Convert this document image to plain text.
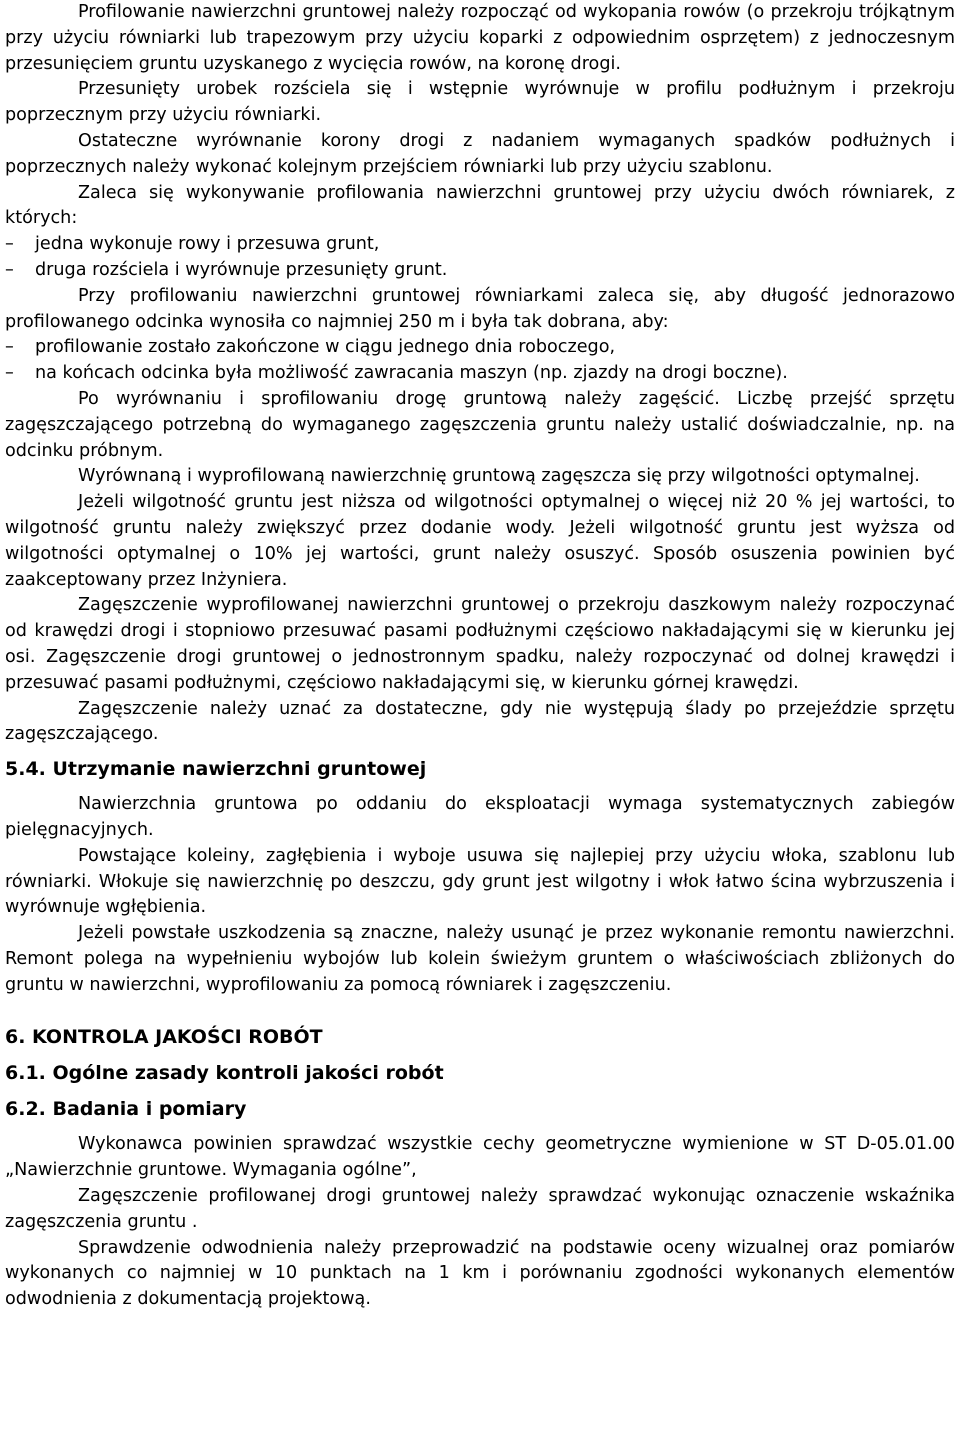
Profilowanie nawierzchni gruntowej należy rozpocząć od wykopania rowów (o przekroju trójkątnym przy użyciu równiarki lub trapezowym przy użyciu koparki z odpowiednim osprzętem) z jednoczesnym przesunięciem gruntu uzyskanego z wycięcia rowów, na koronę drogi.

Przesunięty urobek rozściela się i wstępnie wyrównuje w profilu podłużnym i przekroju poprzecznym przy użyciu równiarki.

Ostateczne wyrównanie korony drogi z nadaniem wymaganych spadków podłużnych i poprzecznych należy wykonać kolejnym przejściem równiarki lub przy użyciu szablonu.

Zaleca się wykonywanie profilowania nawierzchni gruntowej przy użyciu dwóch równiarek, z których:

–	jedna wykonuje rowy i przesuwa grunt,
–	druga rozściela i wyrównuje przesunięty grunt.

Przy profilowaniu nawierzchni gruntowej równiarkami zaleca się, aby długość jednorazowo profilowanego odcinka wynosiła co najmniej 250 m i była tak dobrana, aby:

–	profilowanie zostało zakończone w ciągu jednego dnia roboczego,
–	na końcach odcinka była możliwość zawracania maszyn (np. zjazdy na drogi boczne).

Po wyrównaniu i sprofilowaniu drogę gruntową należy zagęścić. Liczbę przejść sprzętu zagęszczającego potrzebną do wymaganego zagęszczenia gruntu należy ustalić doświadczalnie, np. na odcinku próbnym.

Wyrównaną i wyprofilowaną nawierzchnię gruntową zagęszcza się przy wilgotności optymalnej.

Jeżeli wilgotność gruntu jest niższa od wilgotności optymalnej o więcej niż 20 % jej wartości, to wilgotność gruntu należy zwiększyć przez dodanie wody. Jeżeli wilgotność gruntu jest wyższa od wilgotności optymalnej o 10% jej wartości, grunt należy osuszyć. Sposób osuszenia powinien być zaakceptowany przez Inżyniera.

Zagęszczenie wyprofilowanej nawierzchni gruntowej o przekroju daszkowym należy rozpoczynać od krawędzi drogi i stopniowo przesuwać pasami podłużnymi częściowo nakładającymi się w kierunku jej osi. Zagęszczenie drogi gruntowej o jednostronnym spadku, należy rozpoczynać od dolnej krawędzi i przesuwać pasami podłużnymi, częściowo nakładającymi się, w kierunku górnej krawędzi.

Zagęszczenie należy uznać za dostateczne, gdy nie występują ślady po przejeździe sprzętu zagęszczającego.

5.4. Utrzymanie nawierzchni gruntowej

Nawierzchnia gruntowa po oddaniu do eksploatacji wymaga systematycznych zabiegów pielęgnacyjnych.

Powstające koleiny, zagłębienia i wyboje usuwa się najlepiej przy użyciu włoka, szablonu lub równiarki. Włokuje się nawierzchnię po deszczu, gdy grunt jest wilgotny i włok łatwo ścina wybrzuszenia i wyrównuje wgłębienia.

Jeżeli powstałe uszkodzenia są znaczne, należy usunąć je przez wykonanie remontu nawierzchni. Remont polega na wypełnieniu wybojów lub kolein świeżym gruntem o właściwościach zbliżonych do gruntu w nawierzchni, wyprofilowaniu za pomocą równiarek i zagęszczeniu.

6. KONTROLA JAKOŚCI ROBÓT
6.1. Ogólne zasady kontroli jakości robót
6.2. Badania i pomiary

Wykonawca powinien sprawdzać wszystkie cechy geometryczne wymienione w ST D-05.01.00 „Nawierzchnie gruntowe. Wymagania ogólne”,

Zagęszczenie profilowanej drogi gruntowej należy sprawdzać wykonując oznaczenie wskaźnika zagęszczenia gruntu .

Sprawdzenie odwodnienia należy przeprowadzić na podstawie oceny wizualnej oraz pomiarów wykonanych co najmniej w 10 punktach na 1 km i porównaniu zgodności wykonanych elementów odwodnienia z dokumentacją projektową.
